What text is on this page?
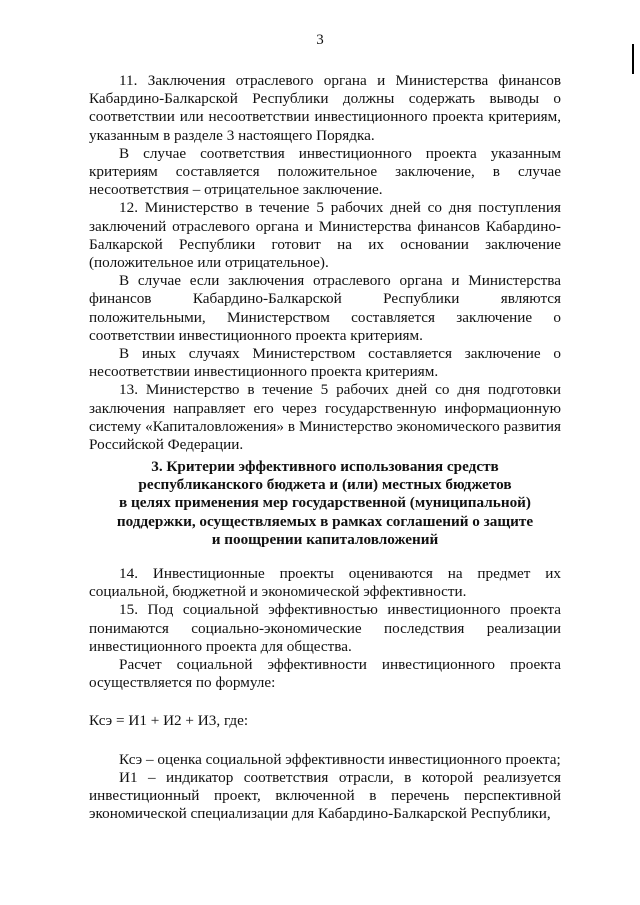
3

11. Заключения отраслевого органа и Министерства финансов Кабардино-Балкарской Республики должны содержать выводы о соответствии или несоответствии инвестиционного проекта критериям, указанным в разделе 3 настоящего Порядка.

В случае соответствия инвестиционного проекта указанным критериям составляется положительное заключение, в случае несоответствия – отрицательное заключение.

12. Министерство в течение 5 рабочих дней со дня поступления заключений отраслевого органа и Министерства финансов Кабардино-Балкарской Республики готовит на их основании заключение (положительное или отрицательное).

В случае если заключения отраслевого органа и Министерства финансов Кабардино-Балкарской Республики являются положительными, Министерством составляется заключение о соответствии инвестиционного проекта критериям.

В иных случаях Министерством составляется заключение о несоответствии инвестиционного проекта критериям.

13. Министерство в течение 5 рабочих дней со дня подготовки заключения направляет его через государственную информационную систему «Капиталовложения» в Министерство экономического развития Российской Федерации.

3. Критерии эффективного использования средств
республиканского бюджета и (или) местных бюджетов
в целях применения мер государственной (муниципальной)
поддержки, осуществляемых в рамках соглашений о защите
и поощрении капиталовложений

14. Инвестиционные проекты оцениваются на предмет их социальной, бюджетной и экономической эффективности.

15. Под социальной эффективностью инвестиционного проекта понимаются социально-экономические последствия реализации инвестиционного проекта для общества.

Расчет социальной эффективности инвестиционного проекта осуществляется по формуле:

Ксэ = И1 + И2 + И3, где:

Ксэ – оценка социальной эффективности инвестиционного проекта;

И1 – индикатор соответствия отрасли, в которой реализуется инвестиционный проект, включенной в перечень перспективной экономической специализации для Кабардино-Балкарской Республики,
